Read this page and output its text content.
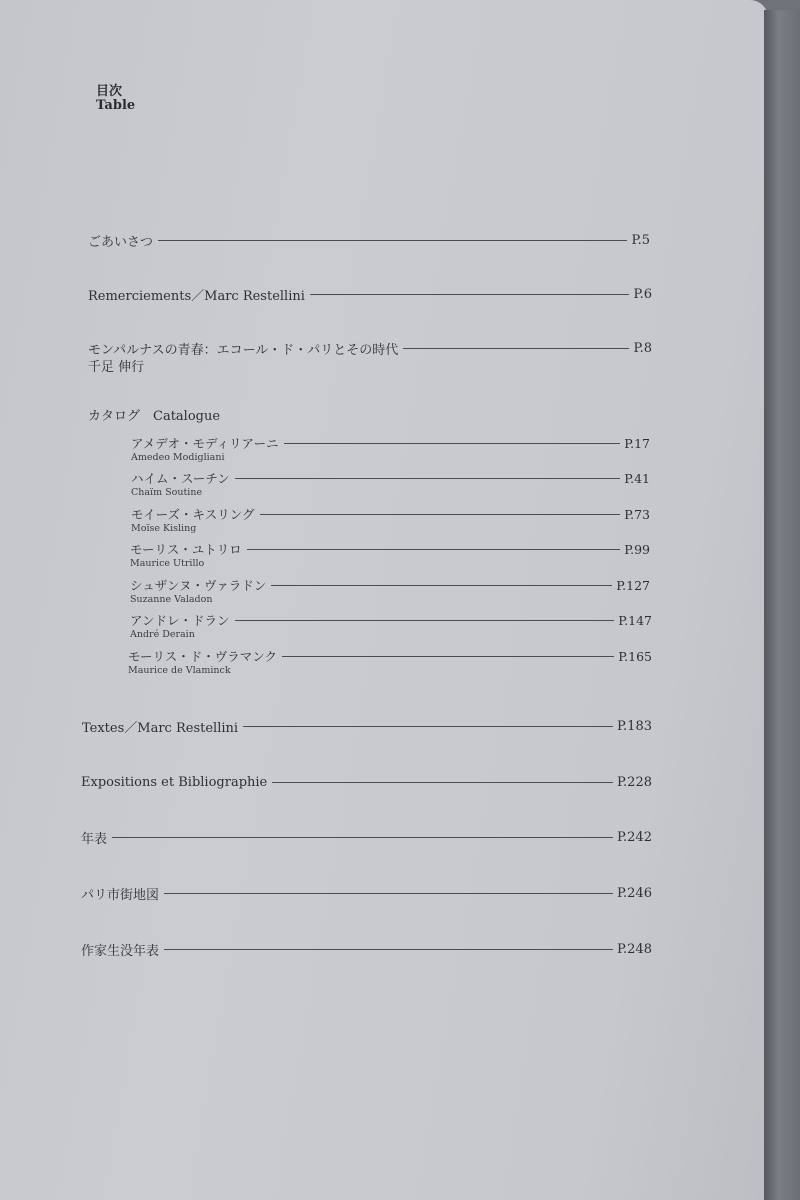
目次
Table
ごあいさつ	P.5
Remerciements／Marc Restellini	P.6
モンパルナスの青春：エコール・ド・パリとその時代	P.8
千足 伸行
カタログ　Catalogue
アメデオ・モディリアーニ	P.17
Amedeo Modigliani
ハイム・スーチン	P.41
Chaïm Soutine
モイーズ・キスリング	P.73
Moïse Kisling
モーリス・ユトリロ	P.99
Maurice Utrillo
シュザンヌ・ヴァラドン	P.127
Suzanne Valadon
アンドレ・ドラン	P.147
André Derain
モーリス・ド・ヴラマンク	P.165
Maurice de Vlaminck
Textes／Marc Restellini	P.183
Expositions et Bibliographie	P.228
年表	P.242
パリ市街地図	P.246
作家生没年表	P.248
